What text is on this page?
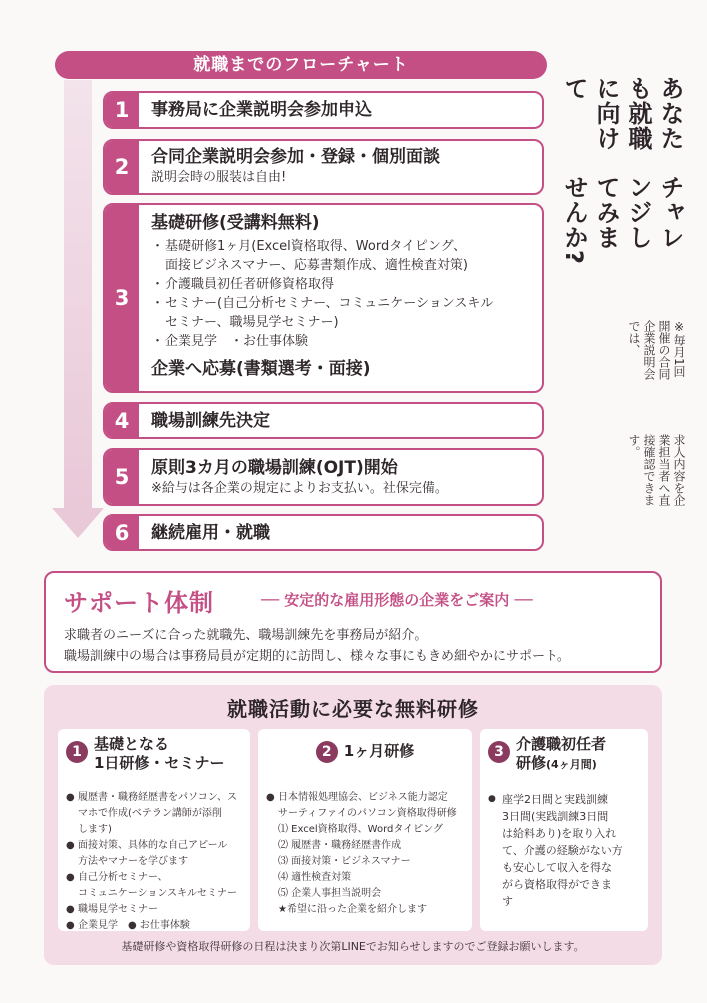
就職までのフローチャート
1	事務局に企業説明会参加申込
2	合同企業説明会参加・登録・個別面談
説明会時の服装は自由!
3
基礎研修(受講料無料)
・基礎研修1ヶ月(Excel資格取得、Wordタイピング、
面接ビジネスマナー、応募書類作成、適性検査対策)
・介護職員初任者研修資格取得
・セミナー(自己分析セミナー、コミュニケーションスキル
セミナー、職場見学セミナー)
・企業見学　・お仕事体験
企業へ応募(書類選考・面接)
4	職場訓練先決定
5	原則3カ月の職場訓練(OJT)開始
※給与は各企業の規定によりお支払い。社保完備。
6	継続雇用・就職
あなたも就職に向けて
チャレンジしてみませんか?
※毎月1回開催の合同企業説明会では、
求人内容を企業担当者へ直接確認できます。
サポート体制	── 安定的な雇用形態の企業をご案内 ──
求職者のニーズに合った就職先、職場訓練先を事務局が紹介。
職場訓練中の場合は事務局員が定期的に訪問し、様々な事にもきめ細やかにサポート。
就職活動に必要な無料研修
1 基礎となる
1日研修・セミナー
● 履歴書・職務経歴書をパソコン、ス
マホで作成(ベテラン講師が添削
します)
● 面接対策、具体的な自己アピール
方法やマナーを学びます
● 自己分析セミナー、
コミュニケーションスキルセミナー
● 職場見学セミナー
● 企業見学　● お仕事体験
2 1ヶ月研修
● 日本情報処理協会、ビジネス能力認定
サーティファイのパソコン資格取得研修
⑴ Excel資格取得、Wordタイピング
⑵ 履歴書・職務経歴書作成
⑶ 面接対策・ビジネスマナー
⑷ 適性検査対策
⑸ 企業人事担当説明会
★希望に沿った企業を紹介します
3 介護職初任者
研修(4ヶ月間)
● 座学2日間と実践訓練
3日間(実践訓練3日間
は給料あり)を取り入れ
て、介護の経験がない方
も安心して収入を得な
がら資格取得ができま
す
基礎研修や資格取得研修の日程は決まり次第LINEでお知らせしますのでご登録お願いします。
